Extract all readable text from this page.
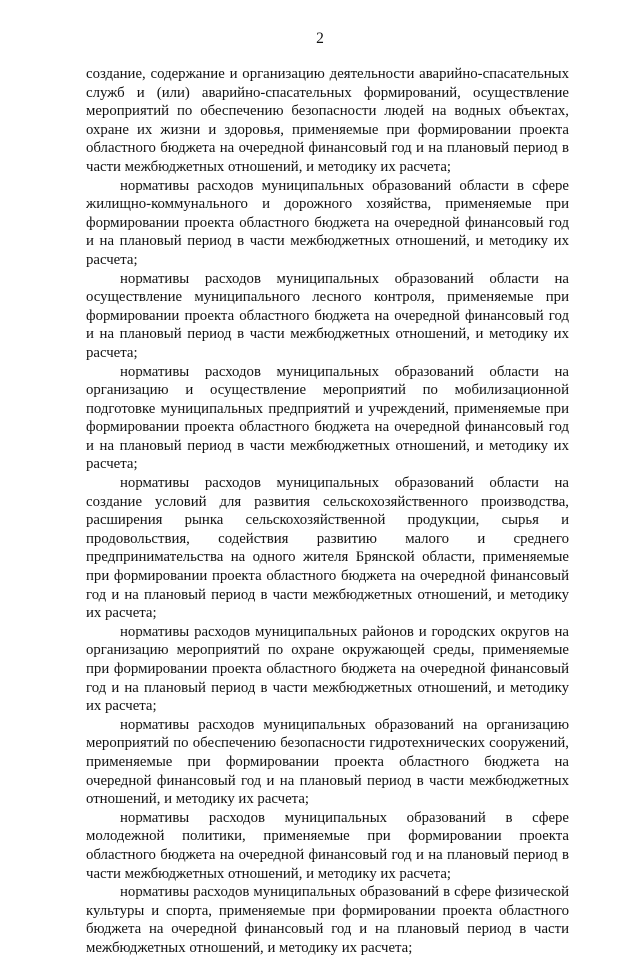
2

создание, содержание и организацию деятельности аварийно-спасательных служб и (или) аварийно-спасательных формирований, осуществление мероприятий по обеспечению безопасности людей на водных объектах, охране их жизни и здоровья, применяемые при формировании проекта областного бюджета на очередной финансовый год и на плановый период в части межбюджетных отношений, и методику их расчета;

нормативы расходов муниципальных образований области в сфере жилищно-коммунального и дорожного хозяйства, применяемые при формировании проекта областного бюджета на очередной финансовый год и на плановый период в части межбюджетных отношений, и методику их расчета;

нормативы расходов муниципальных образований области на осуществление муниципального лесного контроля, применяемые при формировании проекта областного бюджета на очередной финансовый год и на плановый период в части межбюджетных отношений, и методику их расчета;

нормативы расходов муниципальных образований области на организацию и осуществление мероприятий по мобилизационной подготовке муниципальных предприятий и учреждений, применяемые при формировании проекта областного бюджета на очередной финансовый год и на плановый период в части межбюджетных отношений, и методику их расчета;

нормативы расходов муниципальных образований области на создание условий для развития сельскохозяйственного производства, расширения рынка сельскохозяйственной продукции, сырья и продовольствия, содействия развитию малого и среднего предпринимательства на одного жителя Брянской области, применяемые при формировании проекта областного бюджета на очередной финансовый год и на плановый период в части межбюджетных отношений, и методику их расчета;

нормативы расходов муниципальных районов и городских округов на организацию мероприятий по охране окружающей среды, применяемые при формировании проекта областного бюджета на очередной финансовый год и на плановый период в части межбюджетных отношений, и методику их расчета;

нормативы расходов муниципальных образований на организацию мероприятий по обеспечению безопасности гидротехнических сооружений, применяемые при формировании проекта областного бюджета на очередной финансовый год и на плановый период в части межбюджетных отношений, и методику их расчета;

нормативы расходов муниципальных образований в сфере молодежной политики, применяемые при формировании проекта областного бюджета на очередной финансовый год и на плановый период в части межбюджетных отношений, и методику их расчета;

нормативы расходов муниципальных образований в сфере физической культуры и спорта, применяемые при формировании проекта областного бюджета на очередной финансовый год и на плановый период в части межбюджетных отношений, и методику их расчета;
